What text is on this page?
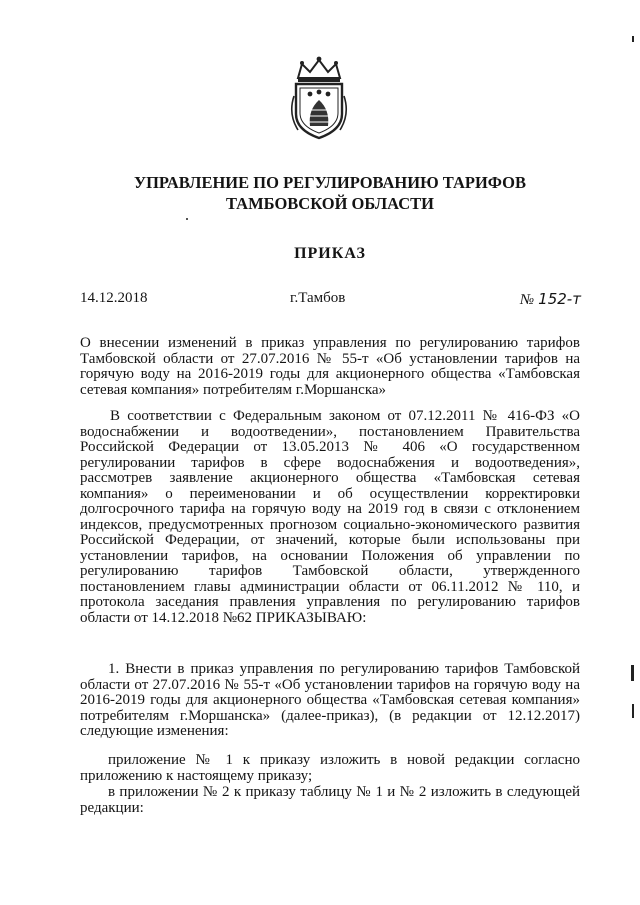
УПРАВЛЕНИЕ ПО РЕГУЛИРОВАНИЮ ТАРИФОВ
ТАМБОВСКОЙ ОБЛАСТИ
ПРИКАЗ
14.12.2018	г.Тамбов	№ 152-т
О внесении изменений в приказ управления по регулированию тарифов Тамбовской области от 27.07.2016 № 55-т «Об установлении тарифов на горячую воду на 2016-2019 годы для акционерного общества «Тамбовская сетевая компания» потребителям г.Моршанска»
В соответствии с Федеральным законом от 07.12.2011 № 416-ФЗ «О водоснабжении и водоотведении», постановлением Правительства Российской Федерации от 13.05.2013 № 406 «О государственном регулировании тарифов в сфере водоснабжения и водоотведения», рассмотрев заявление акционерного общества «Тамбовская сетевая компания» о переименовании и об осуществлении корректировки долгосрочного тарифа на горячую воду на 2019 год в связи с отклонением индексов, предусмотренных прогнозом социально-экономического развития Российской Федерации, от значений, которые были использованы при установлении тарифов, на основании Положения об управлении по регулированию тарифов Тамбовской области, утвержденного постановлением главы администрации области от 06.11.2012 № 110, и протокола заседания правления управления по регулированию тарифов области от 14.12.2018 №62 ПРИКАЗЫВАЮ:
1. Внести в приказ управления по регулированию тарифов Тамбовской области от 27.07.2016 № 55-т «Об установлении тарифов на горячую воду на 2016-2019 годы для акционерного общества «Тамбовская сетевая компания» потребителям г.Моршанска» (далее-приказ), (в редакции от 12.12.2017) следующие изменения:
приложение № 1 к приказу изложить в новой редакции согласно приложению к настоящему приказу;
в приложении № 2 к приказу таблицу № 1 и № 2 изложить в следующей редакции:
